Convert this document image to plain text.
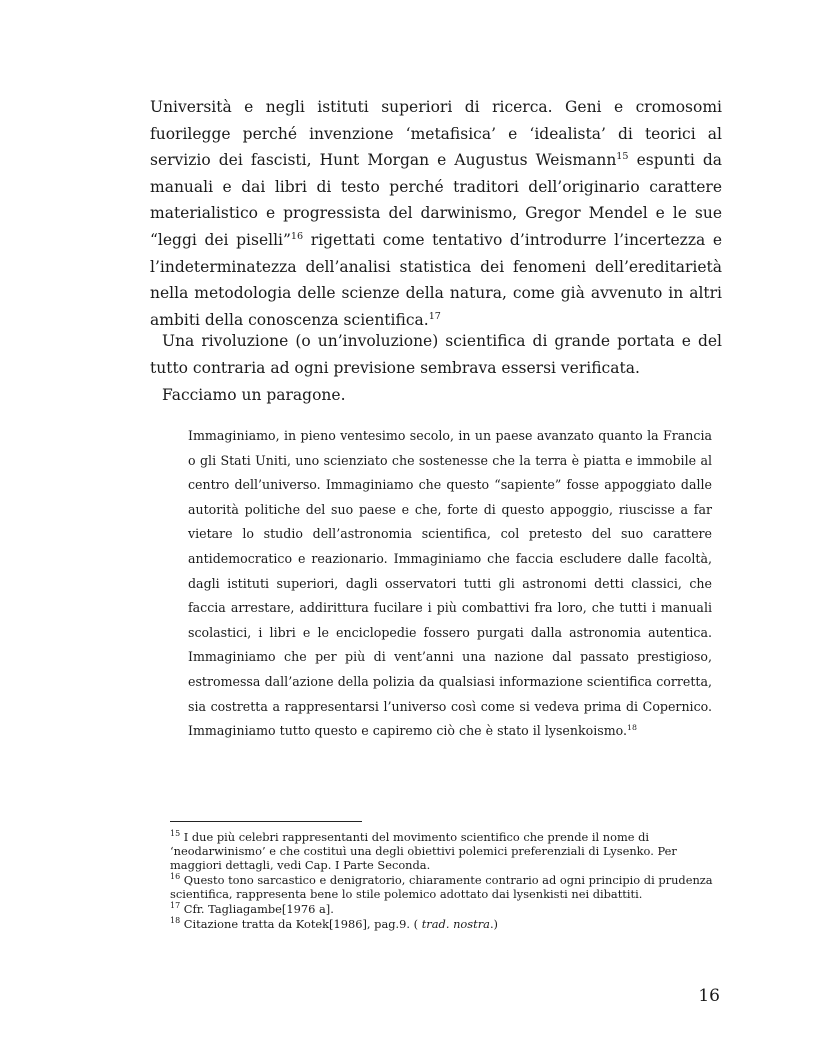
Università e negli istituti superiori di ricerca. Geni e cromosomi fuorilegge perché invenzione ‘metafisica’ e ‘idealista’ di teorici al servizio dei fascisti, Hunt Morgan e Augustus Weismann$^{15}$ espunti da manuali e dai libri di testo perché traditori dell’originario carattere materialistico e progressista del darwinismo, Gregor Mendel e le sue “leggi dei piselli”$^{16}$ rigettati come tentativo d’introdurre l’incertezza e l’indeterminatezza dell’analisi statistica dei fenomeni dell’ereditarietà nella metodologia delle scienze della natura, come già avvenuto in altri ambiti della conoscenza scientifica.$^{17}$
Una rivoluzione (o un’involuzione) scientifica di grande portata e del tutto contraria ad ogni previsione sembrava essersi verificata.
Facciamo un paragone.
Immaginiamo, in pieno ventesimo secolo, in un paese avanzato quanto la Francia o gli Stati Uniti, uno scienziato che sostenesse che la terra è piatta e immobile al centro dell’universo. Immaginiamo che questo “sapiente” fosse appoggiato dalle autorità politiche del suo paese e che, forte di questo appoggio, riuscisse a far vietare lo studio dell’astronomia scientifica, col pretesto del suo carattere antidemocratico e reazionario. Immaginiamo che faccia escludere dalle facoltà, dagli istituti superiori, dagli osservatori tutti gli astronomi detti classici, che faccia arrestare, addirittura fucilare i più combattivi fra loro, che tutti i manuali scolastici, i libri e le enciclopedie fossero purgati dalla astronomia autentica. Immaginiamo che per più di vent’anni una nazione dal passato prestigioso, estromessa dall’azione della polizia da qualsiasi informazione scientifica corretta, sia costretta a rappresentarsi l’universo così come si vedeva prima di Copernico. Immaginiamo tutto questo e capiremo ciò che è stato il lysenkoismo.$^{18}$
$^{15}$ I due più celebri rappresentanti del movimento scientifico che prende il nome di ‘neodarwinismo’ e che costituì una degli obiettivi polemici preferenziali di Lysenko. Per maggiori dettagli, vedi Cap. I Parte Seconda.
$^{16}$ Questo tono sarcastico e denigratorio, chiaramente contrario ad ogni principio di prudenza scientifica, rappresenta bene lo stile polemico adottato dai lysenkisti nei dibattiti.
$^{17}$ Cfr. Tagliagambe[1976 a].
$^{18}$ Citazione tratta da Kotek[1986], pag.9. ( trad. nostra.)
16
